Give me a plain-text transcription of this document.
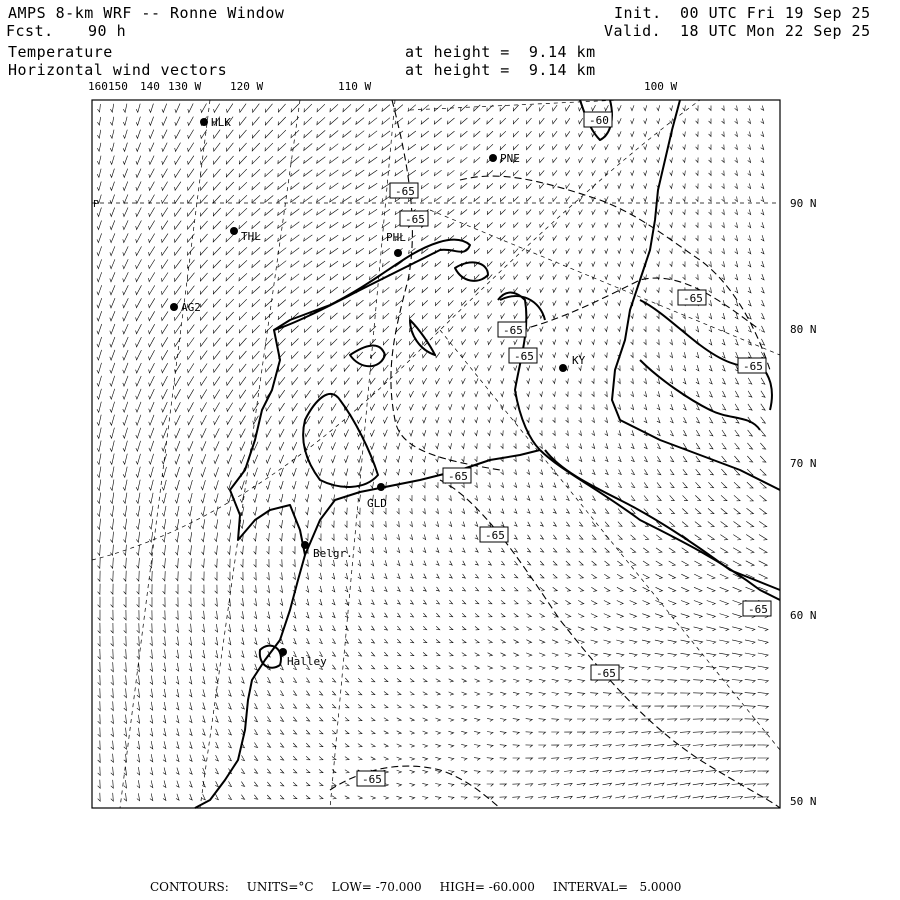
AMPS 8-km WRF -- Ronne Window
Fcst. 90 h
Temperature
Horizontal wind vectors
at height =  9.14 km
at height =  9.14 km
Init. 00 UTC Fri 19 Sep 25
Valid. 18 UTC Mon 22 Sep 25
160 150 140 130 W	120 W	110 W	100 W
90 N
80 N
70 N
60 N
50 N
P
HLK
PNE
THL	PHL
AG2
KY
GLD
Belgr.
Halley
-60
-65
-65
-65
-65
-65
-65
-65
-65
-65
-65
-65
CONTOURS: UNITS=°C LOW= -70.000 HIGH= -60.000 INTERVAL=   5.0000
